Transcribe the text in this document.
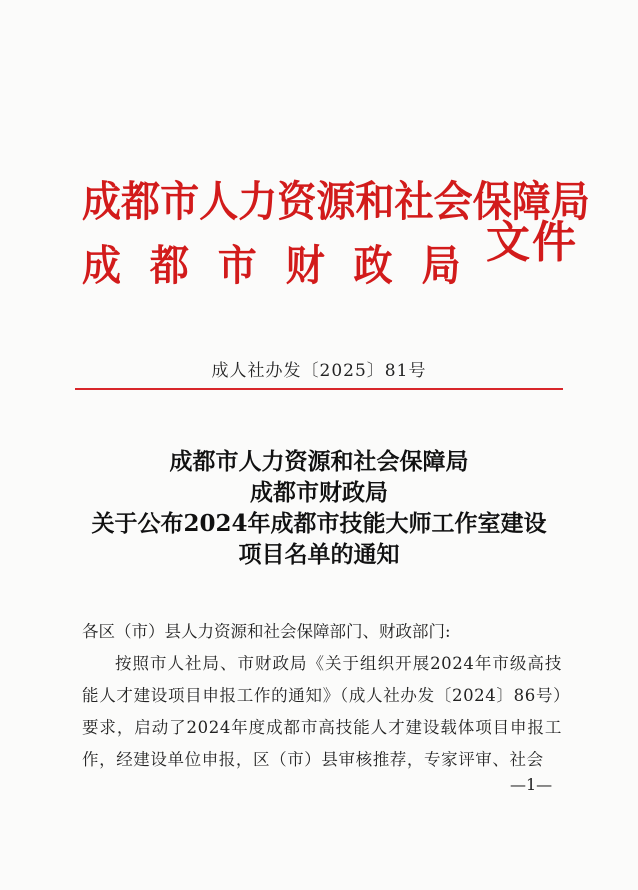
成都市人力资源和社会保障局
成都市财政局
文件
成人社办发〔2025〕81号
成都市人力资源和社会保障局
成都市财政局
关于公布2024年成都市技能大师工作室建设
项目名单的通知
各区（市）县人力资源和社会保障部门、财政部门:
按照市人社局、市财政局《关于组织开展2024年市级高技能人才建设项目申报工作的通知》（成人社办发〔2024〕86号）要求，启动了2024年度成都市高技能人才建设载体项目申报工作，经建设单位申报，区（市）县审核推荐，专家评审、社会
—1—
